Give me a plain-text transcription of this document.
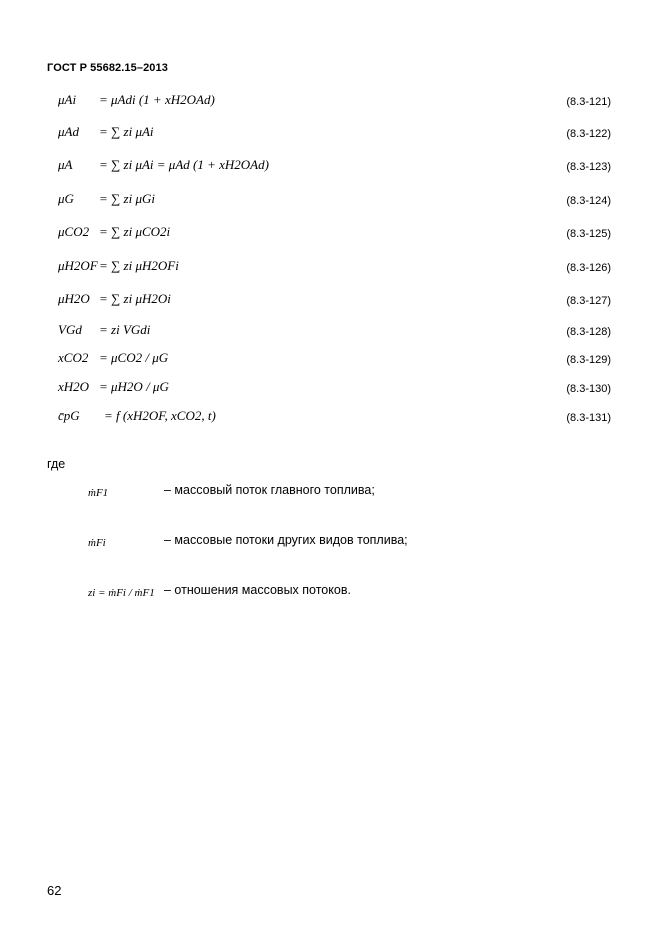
ГОСТ Р 55682.15–2013
μAi = μAdi (1 + xH2OAd)	(8.3-121)
μAd = ∑ zi μAi	(8.3-122)
μA = ∑ zi μAi = μAd (1 + xH2OAd)	(8.3-123)
μG = ∑ zi μGi	(8.3-124)
μCO2 = ∑ zi μCO2i	(8.3-125)
μH2OF = ∑ zi μH2OFi	(8.3-126)
μH2O = ∑ zi μH2Oi	(8.3-127)
VGd = zi VGdi	(8.3-128)
xCO2 = μCO2 / μG	(8.3-129)
xH2O = μH2O / μG	(8.3-130)
c̄pG = f (xH2OF, xCO2, t)	(8.3-131)
где
ṁF1	– массовый поток главного топлива;
ṁFi	– массовые потоки других видов топлива;
zi = ṁFi / ṁF1 – отношения массовых потоков.
62
